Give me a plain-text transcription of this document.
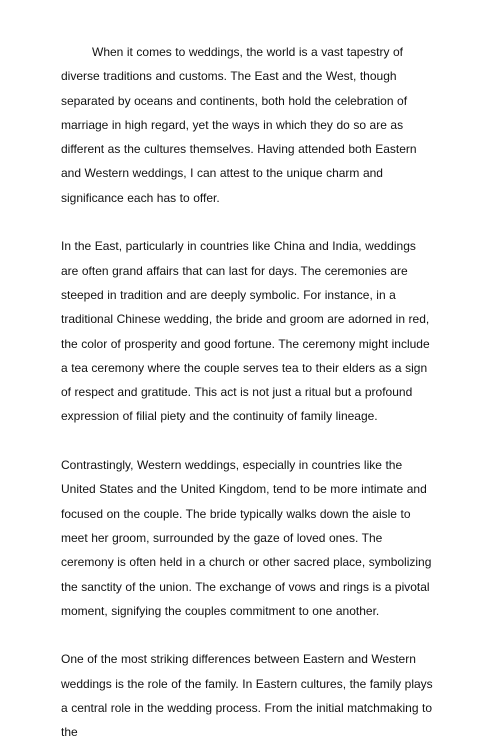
When it comes to weddings, the world is a vast tapestry of diverse traditions and customs. The East and the West, though separated by oceans and continents, both hold the celebration of marriage in high regard, yet the ways in which they do so are as different as the cultures themselves. Having attended both Eastern and Western weddings, I can attest to the unique charm and significance each has to offer.

In the East, particularly in countries like China and India, weddings are often grand affairs that can last for days. The ceremonies are steeped in tradition and are deeply symbolic. For instance, in a traditional Chinese wedding, the bride and groom are adorned in red, the color of prosperity and good fortune. The ceremony might include a tea ceremony where the couple serves tea to their elders as a sign of respect and gratitude. This act is not just a ritual but a profound expression of filial piety and the continuity of family lineage.

Contrastingly, Western weddings, especially in countries like the United States and the United Kingdom, tend to be more intimate and focused on the couple. The bride typically walks down the aisle to meet her groom, surrounded by the gaze of loved ones. The ceremony is often held in a church or other sacred place, symbolizing the sanctity of the union. The exchange of vows and rings is a pivotal moment, signifying the couples commitment to one another.

One of the most striking differences between Eastern and Western weddings is the role of the family. In Eastern cultures, the family plays a central role in the wedding process. From the initial matchmaking to the
